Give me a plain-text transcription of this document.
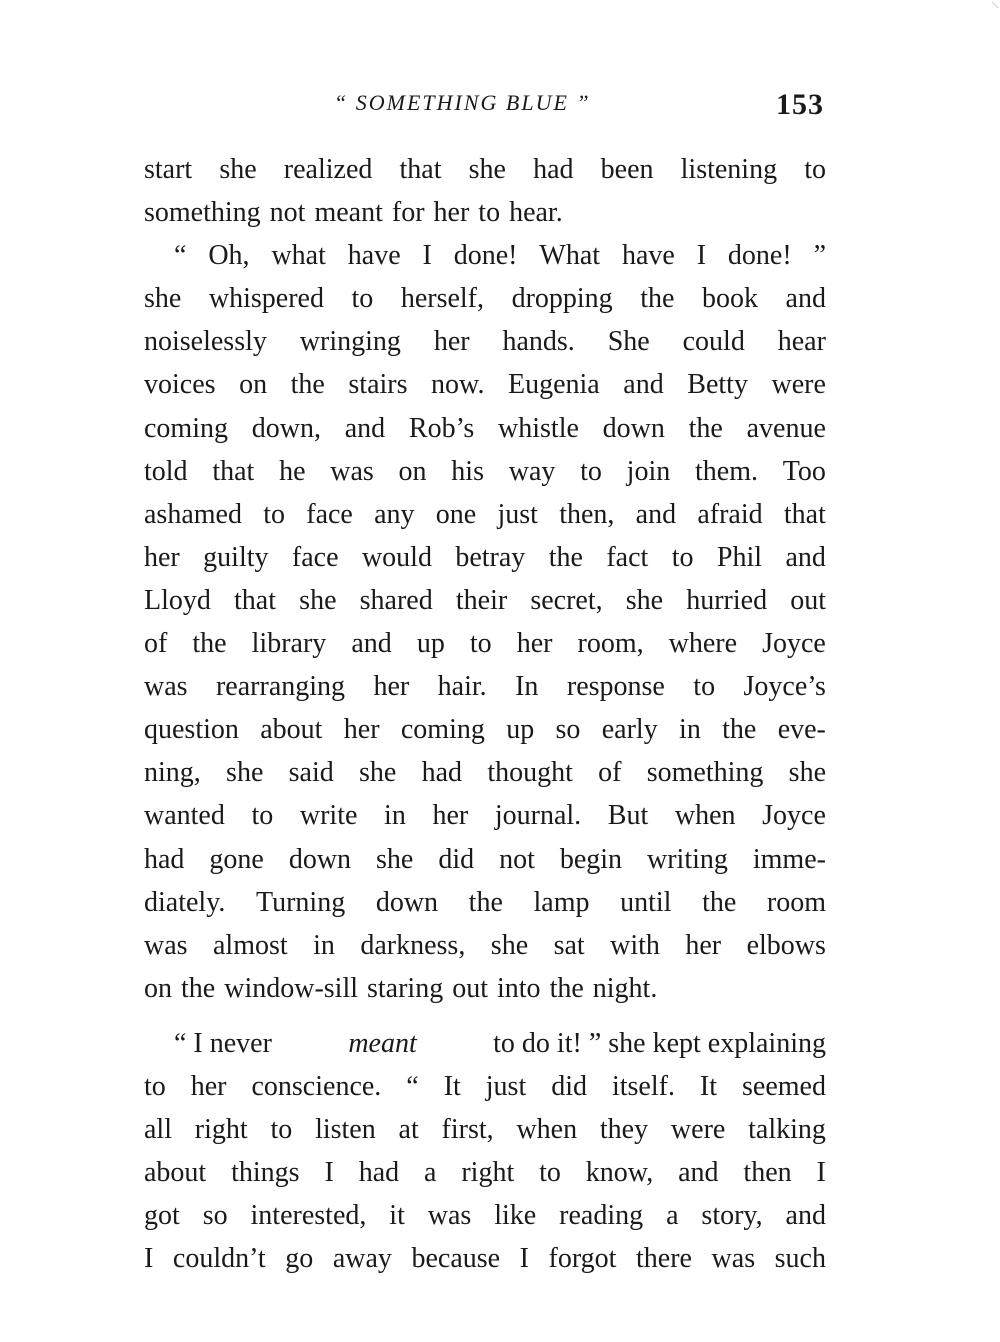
“ SOMETHING BLUE ”	153
start she realized that she had been listening to
something not meant for her to hear.
“ Oh, what have I done! What have I done! ”
she whispered to herself, dropping the book and
noiselessly wringing her hands. She could hear
voices on the stairs now. Eugenia and Betty were
coming down, and Rob’s whistle down the avenue
told that he was on his way to join them. Too
ashamed to face any one just then, and afraid that
her guilty face would betray the fact to Phil and
Lloyd that she shared their secret, she hurried out
of the library and up to her room, where Joyce
was rearranging her hair. In response to Joyce’s
question about her coming up so early in the eve-
ning, she said she had thought of something she
wanted to write in her journal. But when Joyce
had gone down she did not begin writing imme-
diately. Turning down the lamp until the room
was almost in darkness, she sat with her elbows
on the window-sill staring out into the night.
“ I never	meant	to do it! ” she kept explaining
to her conscience. “ It just did itself. It seemed
all right to listen at first, when they were talking
about things I had a right to know, and then I
got so interested, it was like reading a story, and
I couldn’t go away because I forgot there was such
